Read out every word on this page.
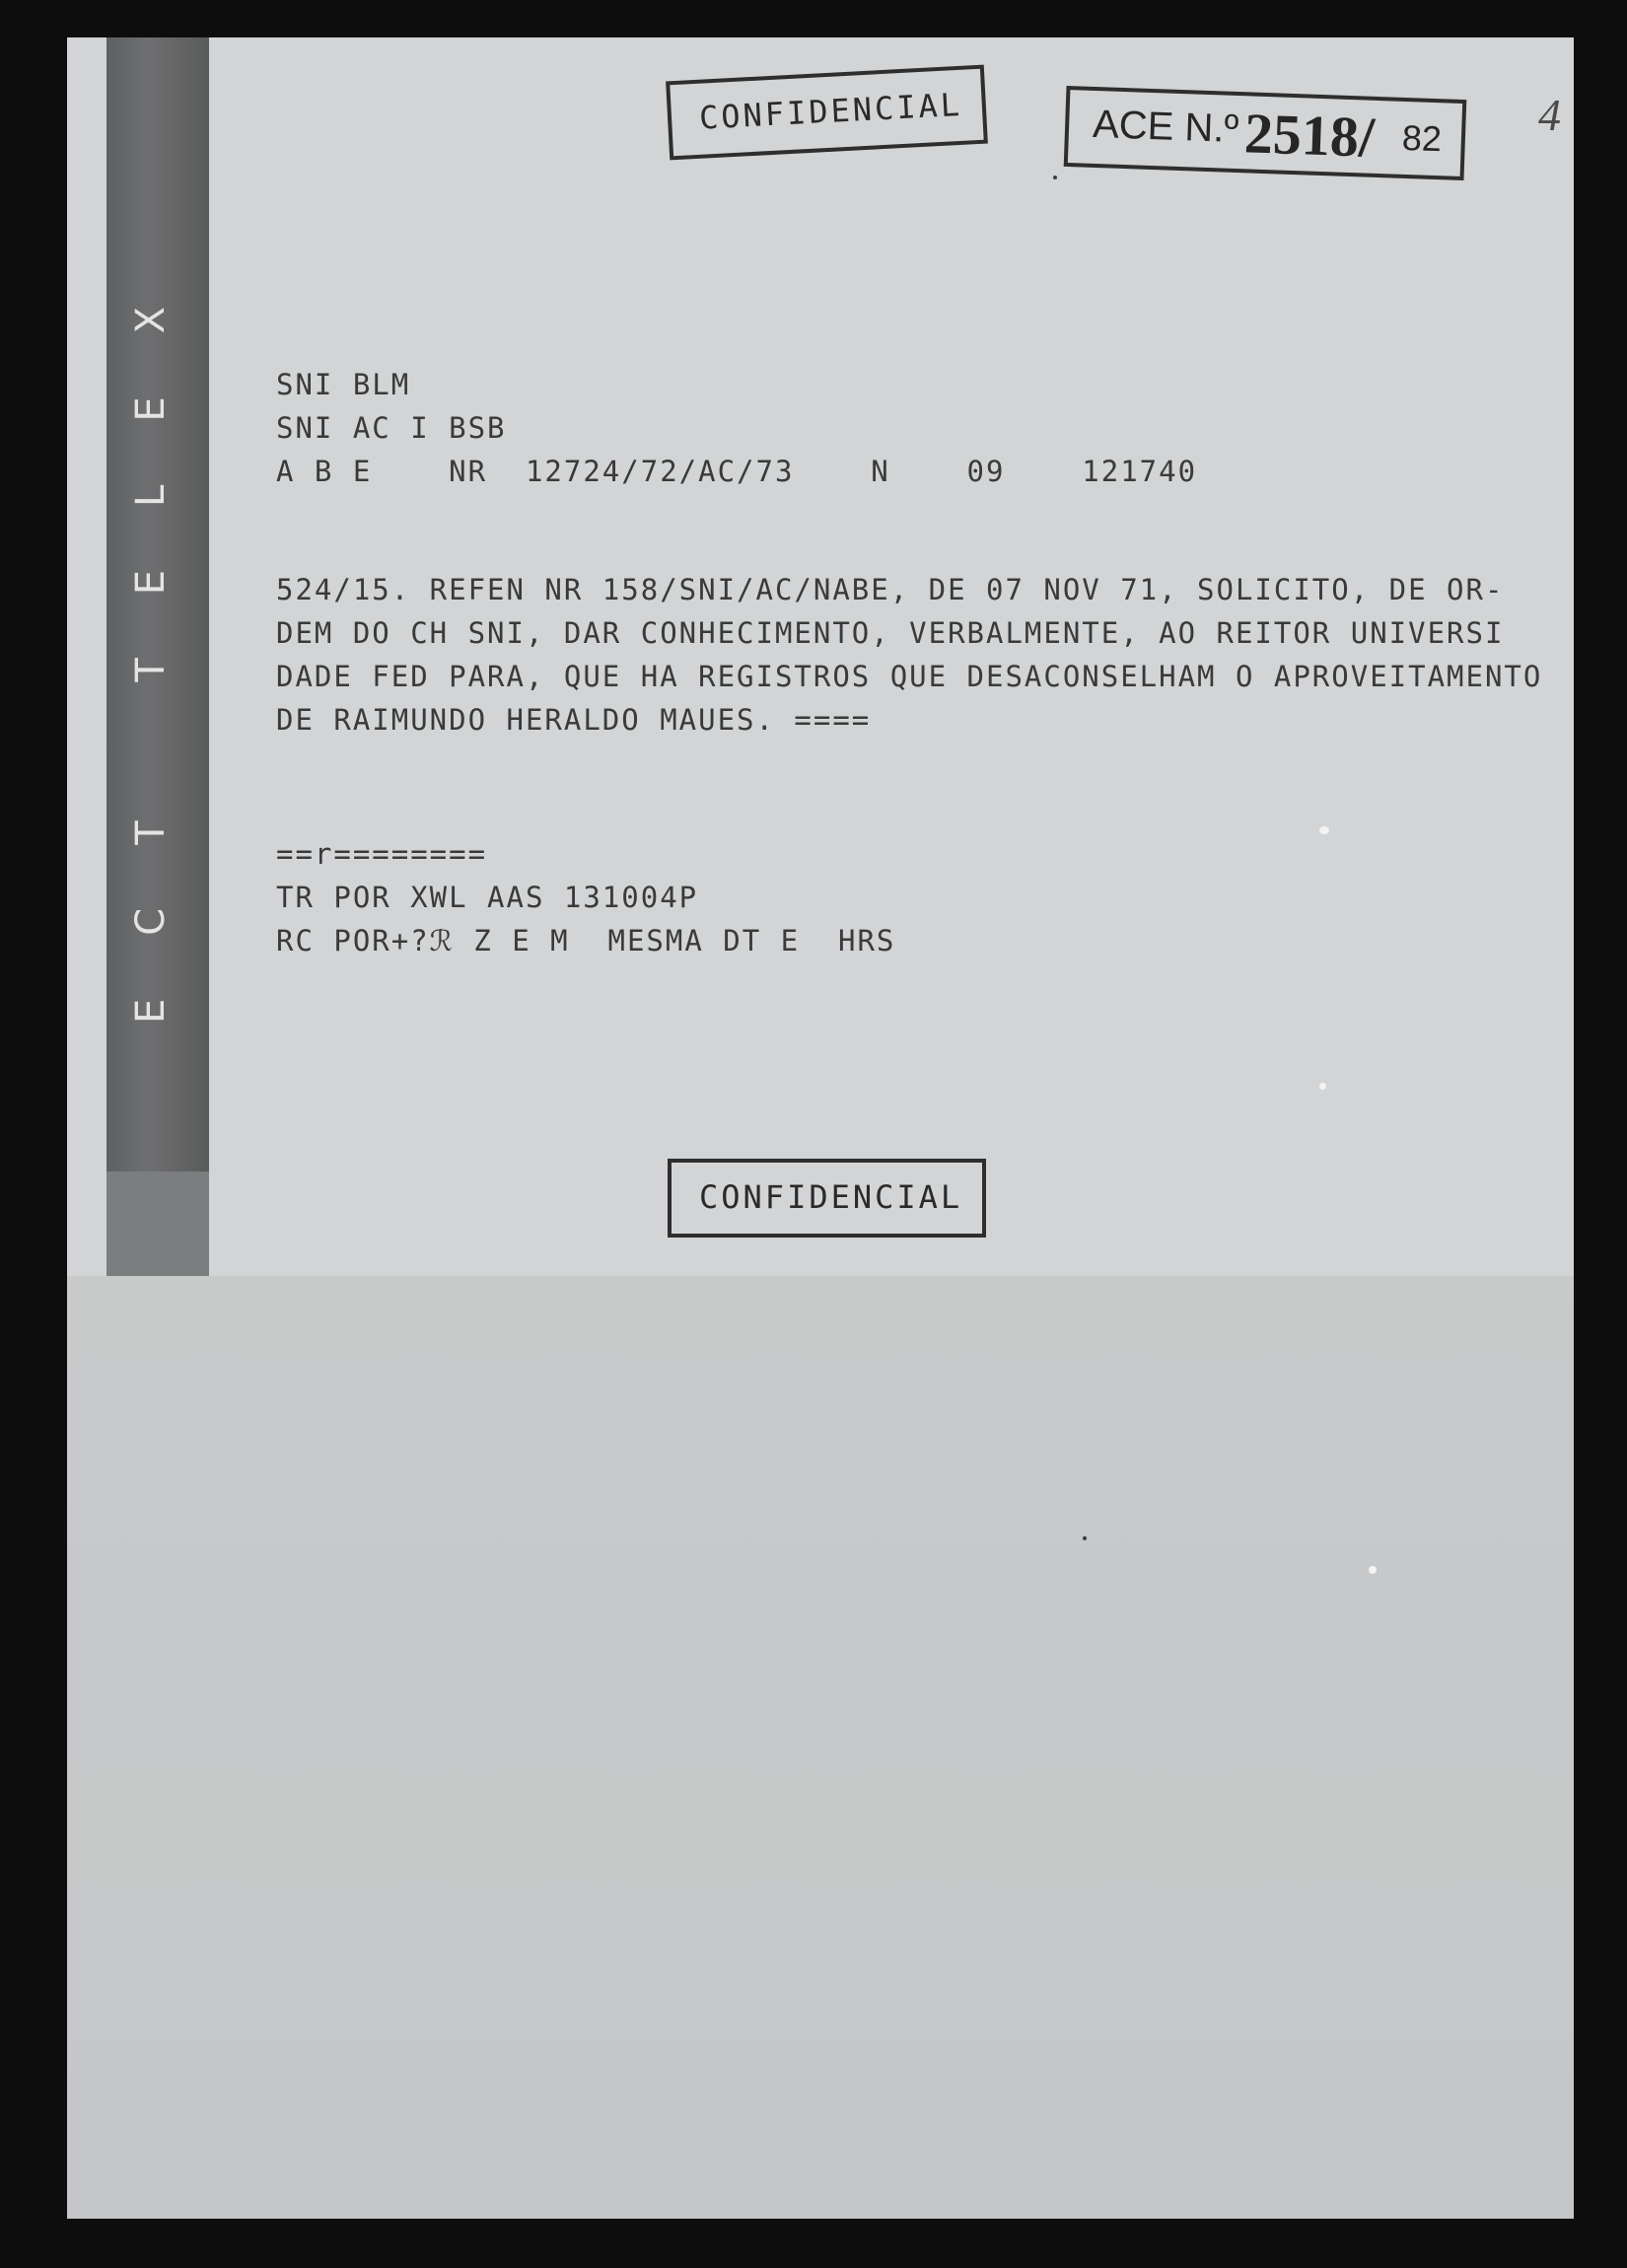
ECT TELEX
CONFIDENCIAL	ACE N.º 2518/ 82 4
SNI BLM
SNI AC I BSB
A B E    NR  12724/72/AC/73    N    09    121740
524/15. REFEN NR 158/SNI/AC/NABE, DE 07 NOV 71, SOLICITO, DE OR-
DEM DO CH SNI, DAR CONHECIMENTO, VERBALMENTE, AO REITOR UNIVERSI
DADE FED PARA, QUE HA REGISTROS QUE DESACONSELHAM O APROVEITAMENTO
DE RAIMUNDO HERALDO MAUES. ====
==r========
TR POR XWL AAS 131004P
RC POR+?ℛ Z E M  MESMA DT E  HRS
CONFIDENCIAL
